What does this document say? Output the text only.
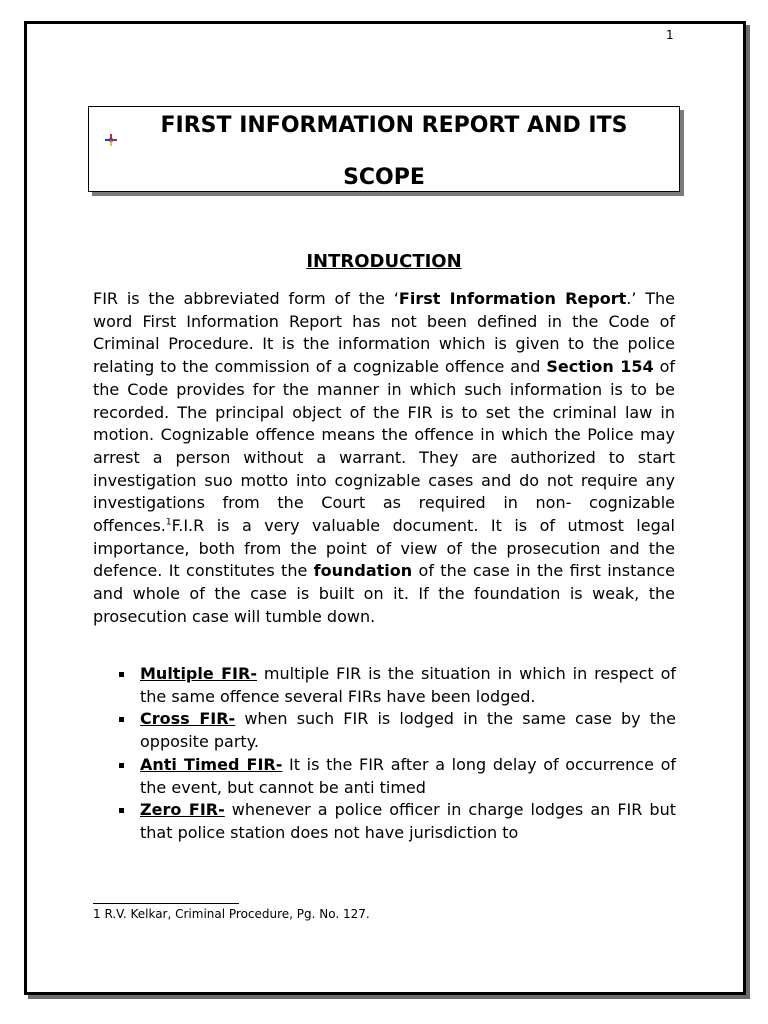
1
FIRST INFORMATION REPORT AND ITS
SCOPE
INTRODUCTION

FIR is the abbreviated form of the ‘First Information Report.’ The word First Information Report has not been defined in the Code of Criminal Procedure. It is the information which is given to the police relating to the commission of a cognizable offence and Section 154 of the Code provides for the manner in which such information is to be recorded. The principal object of the FIR is to set the criminal law in motion. Cognizable offence means the offence in which the Police may arrest a person without a warrant. They are authorized to start investigation suo motto into cognizable cases and do not require any investigations from the Court as required in non- cognizable offences.$^1$F.I.R is a very valuable document. It is of utmost legal importance, both from the point of view of the prosecution and the defence. It constitutes the foundation of the case in the first instance and whole of the case is built on it. If the foundation is weak, the prosecution case will tumble down.

Multiple FIR- multiple FIR is the situation in which in respect of the same offence several FIRs have been lodged.
Cross FIR- when such FIR is lodged in the same case by the opposite party.
Anti Timed FIR- It is the FIR after a long delay of occurrence of the event, but cannot be anti timed
Zero FIR- whenever a police officer in charge lodges an FIR but that police station does not have jurisdiction to
1 R.V. Kelkar, Criminal Procedure, Pg. No. 127.
